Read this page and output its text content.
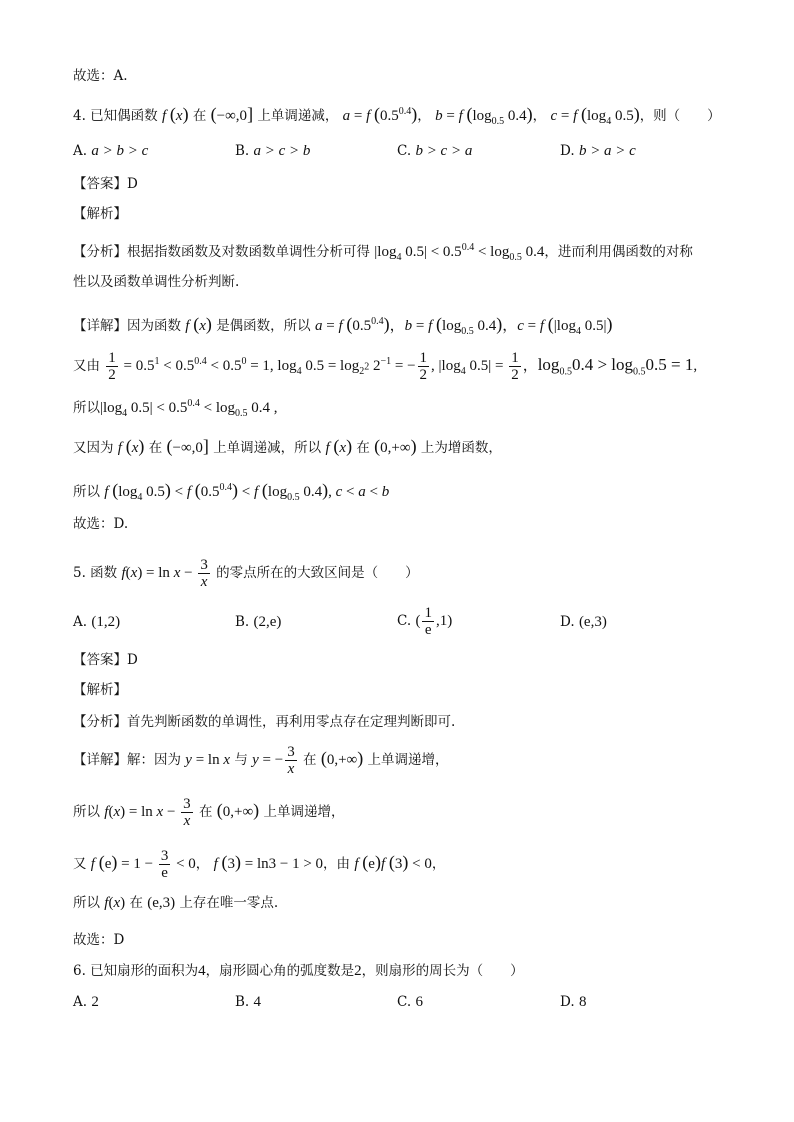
故选：A.
4. 已知偶函数 f (x) 在 (−∞,0] 上单调递减， a = f $(0.5^{0.4})$， b = f ($\log_{0.5}$ 0.4)， c = f ($\log_4$ 0.5)，则（　　）
A. a > b > c	B. a > c > b	C. b > c > a	D. b > a > c
【答案】D
【解析】
【分析】根据指数函数及对数函数单调性分析可得 $|\log_4$ $0.5| < 0.5^{0.4} < \log_{0.5} 0.4$，进而利用偶函数的对称
性以及函数单调性分析判断.
【详解】因为函数 f (x) 是偶函数，所以 a = f $(0.5^{0.4})$，b = f ($\log_{0.5}$ 0.4)，c = f ($|\log_4$ 0.5|)
又由 $\frac{1}{2} = 0.5^1 < 0.5^{0.4} < 0.5^0 = 1$, $\log_4 0.5 = \log_{2^2} 2^{-1}$ = − $\frac{1}{2}$ , $|\log_4$ $0.5| = \frac{1}{2}$ ，$\log_{0.5}0.4 > \log_{0.5}0.5 = 1$,
所以$|\log_4$ $0.5| < 0.5^{0.4} < \log_{0.5} 0.4$ ,
又因为 f (x) 在 (−∞,0] 上单调递减，所以 f (x) 在 (0,+∞) 上为增函数，
所以 f ($\log_4$ 0.5) < f $(0.5^{0.4}) < f$ ($\log_{0.5}$ 0.4), c < a < b
故选：D.
5. 函数 $f(x) = \ln x - \frac{3}{x}$ 的零点所在的大致区间是（　　）
A. (1,2)	B. (2,e)	C. ( $\frac{1}{e} ,1$)	D. (e,3)
【答案】D
【解析】
【分析】首先判断函数的单调性，再利用零点存在定理判断即可.
【详解】解：因为 y = ln x 与 y = − $\frac{3}{x}$ 在 (0,+∞) 上单调递增，
所以 $f(x) = \ln x - \frac{3}{x}$ 在 (0,+∞) 上单调递增，
又 f $(e) = 1 - \frac{3}{e} < 0$， f (3) = ln3 − 1 > 0，由 f (e)f (3) < 0，
所以 f(x) 在 (e,3) 上存在唯一零点.
故选：D
6. 已知扇形的面积为4，扇形圆心角的弧度数是2，则扇形的周长为（　　）
A. 2	B. 4	C. 6	D. 8
